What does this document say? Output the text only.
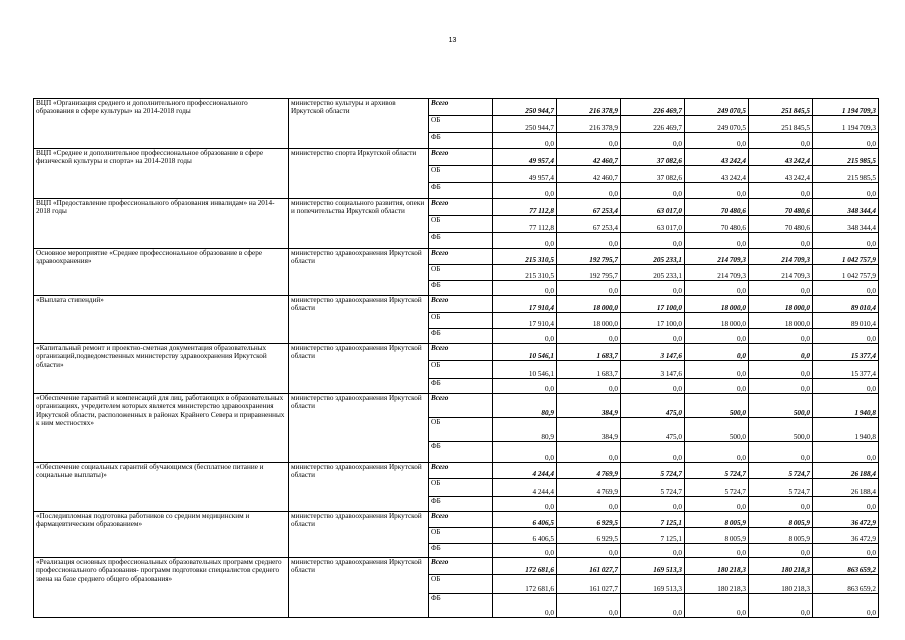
13
ВЦП «Организация среднего и дополнительного профессионального образования в сфере культуры» на 2014-2018 годы	министерство культуры и архивов Иркутской области	Всего	250 944,7	216 378,9	226 469,7	249 070,5	251 845,5	1 194 709,3
		ОБ	250 944,7	216 378,9	226 469,7	249 070,5	251 845,5	1 194 709,3
		ФБ	0,0	0,0	0,0	0,0	0,0	0,0
ВЦП «Среднее и дополнительное профессиональное образование в сфере физической культуры и спорта» на 2014-2018 годы	министерство спорта Иркутской области	Всего	49 957,4	42 460,7	37 082,6	43 242,4	43 242,4	215 985,5
		ОБ	49 957,4	42 460,7	37 082,6	43 242,4	43 242,4	215 985,5
		ФБ	0,0	0,0	0,0	0,0	0,0	0,0
ВЦП «Предоставление профессионального образования инвалидам» на 2014-2018 годы	министерство социального развития, опеки и попечительства Иркутской области	Всего	77 112,8	67 253,4	63 017,0	70 480,6	70 480,6	348 344,4
		ОБ	77 112,8	67 253,4	63 017,0	70 480,6	70 480,6	348 344,4
		ФБ	0,0	0,0	0,0	0,0	0,0	0,0
Основное мероприятие «Среднее профессиональное образование в сфере здравоохранения»	министерство здравоохранения Иркутской области	Всего	215 310,5	192 795,7	205 233,1	214 709,3	214 709,3	1 042 757,9
		ОБ	215 310,5	192 795,7	205 233,1	214 709,3	214 709,3	1 042 757,9
		ФБ	0,0	0,0	0,0	0,0	0,0	0,0
«Выплата стипендий»	министерство здравоохранения Иркутской области	Всего	17 910,4	18 000,0	17 100,0	18 000,0	18 000,0	89 010,4
		ОБ	17 910,4	18 000,0	17 100,0	18 000,0	18 000,0	89 010,4
		ФБ	0,0	0,0	0,0	0,0	0,0	0,0
«Капитальный ремонт и проектно-сметная документация образовательных организаций,подведомственных министерству здравоохранения Иркутской области»	министерство здравоохранения Иркутской области	Всего	10 546,1	1 683,7	3 147,6	0,0	0,0	15 377,4
		ОБ	10 546,1	1 683,7	3 147,6	0,0	0,0	15 377,4
		ФБ	0,0	0,0	0,0	0,0	0,0	0,0
«Обеспечение гарантий и компенсаций для лиц, работающих в образовательных организациях, учредителем которых является министерство здравоохранения Иркутской области, расположенных в районах Крайнего Севера и приравненных к ним местностях»	министерство здравоохранения Иркутской области	Всего	80,9	384,9	475,0	500,0	500,0	1 940,8
		ОБ	80,9	384,9	475,0	500,0	500,0	1 940,8
		ФБ	0,0	0,0	0,0	0,0	0,0	0,0
«Обеспечение социальных гарантий обучающимся (бесплатное питание и социальные выплаты)»	министерство здравоохранения Иркутской области	Всего	4 244,4	4 769,9	5 724,7	5 724,7	5 724,7	26 188,4
		ОБ	4 244,4	4 769,9	5 724,7	5 724,7	5 724,7	26 188,4
		ФБ	0,0	0,0	0,0	0,0	0,0	0,0
«Последипломная подготовка работников со средним медицинским и фармацевтическим образованием»	министерство здравоохранения Иркутской области	Всего	6 406,5	6 929,5	7 125,1	8 005,9	8 005,9	36 472,9
		ОБ	6 406,5	6 929,5	7 125,1	8 005,9	8 005,9	36 472,9
		ФБ	0,0	0,0	0,0	0,0	0,0	0,0
«Реализация основных профессиональных образовательных программ среднего профессионального образования- программ подготовки специалистов среднего звена на базе среднего общего образования»	министерство здравоохранения Иркутской области	Всего	172 681,6	161 027,7	169 513,3	180 218,3	180 218,3	863 659,2
		ОБ	172 681,6	161 027,7	169 513,3	180 218,3	180 218,3	863 659,2
		ФБ	0,0	0,0	0,0	0,0	0,0	0,0
